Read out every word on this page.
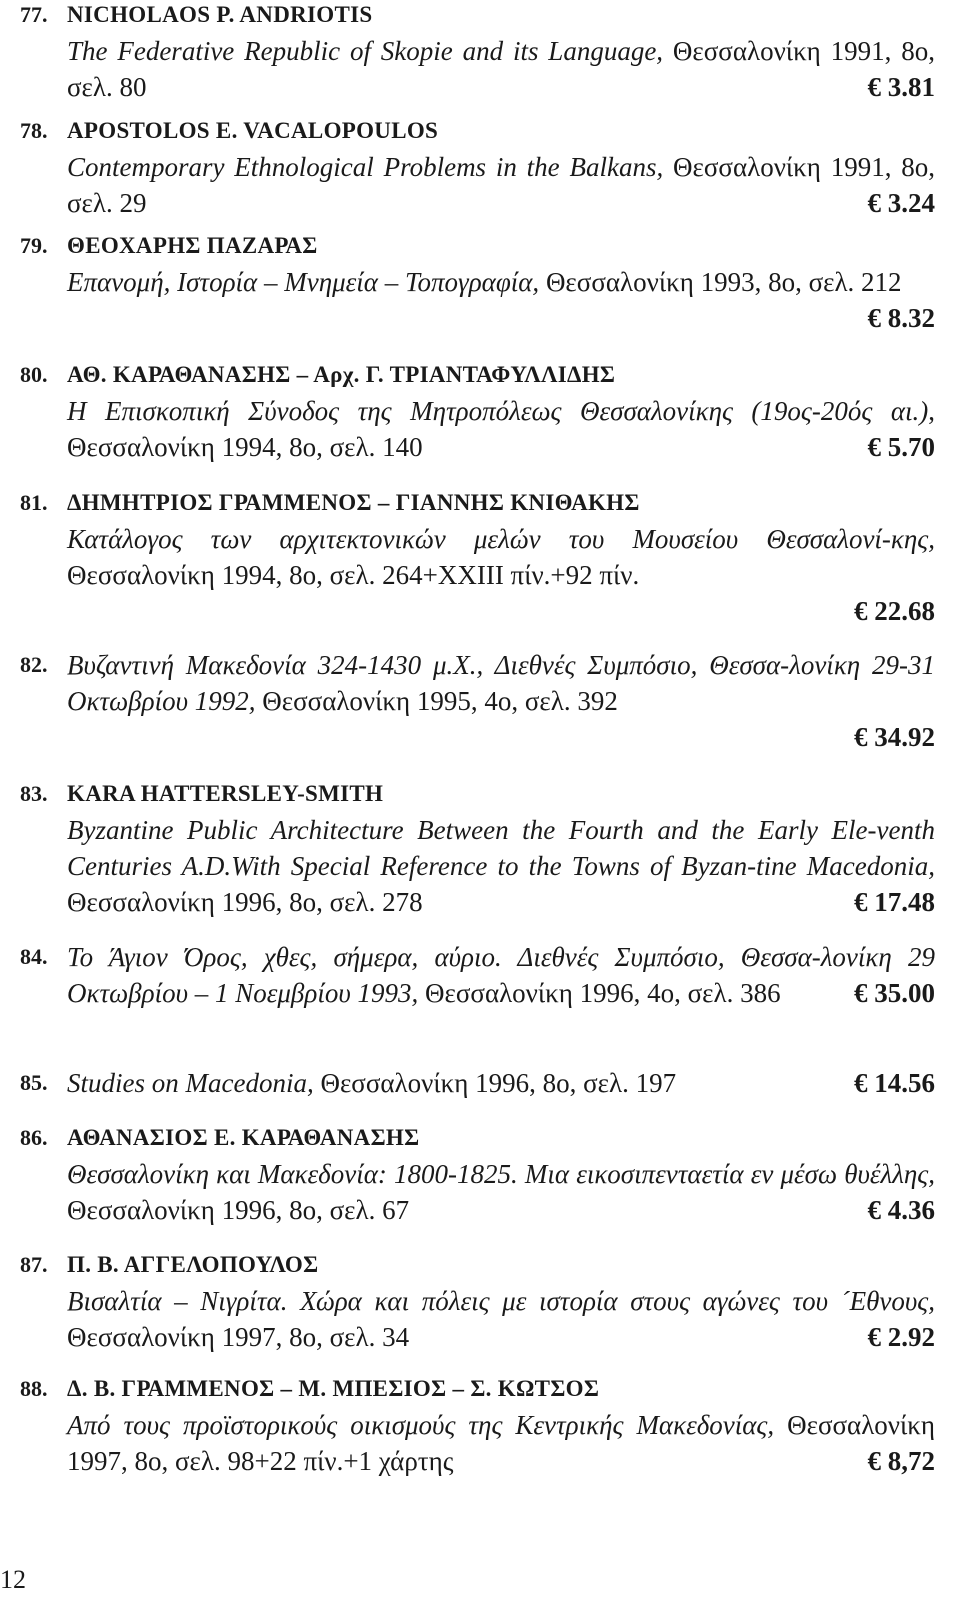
77. NICHOLAOS P. ANDRIOTIS
The Federative Republic of Skopie and its Language, Θεσσαλονίκη 1991, 8ο, σελ. 80	€ 3.81
78. APOSTOLOS E. VACALOPOULOS
Contemporary Ethnological Problems in the Balkans, Θεσσαλονίκη 1991, 8ο, σελ. 29	€ 3.24
79. ΘΕΟΧΑΡΗΣ ΠΑΖΑΡΑΣ
Επανομή, Ιστορία – Μνημεία – Τοπογραφία, Θεσσαλονίκη 1993, 8ο, σελ. 212
€ 8.32
80. ΑΘ. ΚΑΡΑΘΑΝΑΣΗΣ – Αρχ. Γ. ΤΡΙΑΝΤΑΦΥΛΛΙΔΗΣ
Η Επισκοπική Σύνοδος της Μητροπόλεως Θεσσαλονίκης (19ος-20ός αι.), Θεσσαλονίκη 1994, 8ο, σελ. 140	€ 5.70
81. ΔΗΜΗΤΡΙΟΣ ΓΡΑΜΜΕΝΟΣ – ΓΙΑΝΝΗΣ ΚΝΙΘΑΚΗΣ
Κατάλογος των αρχιτεκτονικών μελών του Μουσείου Θεσσαλονί-κης, Θεσσαλονίκη 1994, 8ο, σελ. 264+XXIII πίν.+92 πίν.
€ 22.68
82. Βυζαντινή Μακεδονία 324-1430 μ.Χ., Διεθνές Συμπόσιο, Θεσσα-λονίκη 29-31 Οκτωβρίου 1992, Θεσσαλονίκη 1995, 4ο, σελ. 392
€ 34.92
83. KARA HATTERSLEY-SMITH
Byzantine Public Architecture Between the Fourth and the Early Ele-venth Centuries A.D.With Special Reference to the Towns of Byzan-tine Macedonia, Θεσσαλονίκη 1996, 8ο, σελ. 278	€ 17.48
84. Το Άγιον Όρος, χθες, σήμερα, αύριο. Διεθνές Συμπόσιο, Θεσσα-λονίκη 29 Οκτωβρίου – 1 Νοεμβρίου 1993, Θεσσαλονίκη 1996, 4ο, σελ. 386	€ 35.00
85. Studies on Macedonia, Θεσσαλονίκη 1996, 8ο, σελ. 197	€ 14.56
86. ΑΘΑΝΑΣΙΟΣ Ε. ΚΑΡΑΘΑΝΑΣΗΣ
Θεσσαλονίκη και Μακεδονία: 1800-1825. Μια εικοσιπενταετία εν μέσω θυέλλης, Θεσσαλονίκη 1996, 8ο, σελ. 67	€ 4.36
87. Π. Β. ΑΓΓΕΛΟΠΟΥΛΟΣ
Βισαλτία – Νιγρίτα. Χώρα και πόλεις με ιστορία στους αγώνες του ´Εθνους, Θεσσαλονίκη 1997, 8ο, σελ. 34	€ 2.92
88. Δ. Β. ΓΡΑΜΜΕΝΟΣ – Μ. ΜΠΕΣΙΟΣ – Σ. ΚΩΤΣΟΣ
Από τους προϊστορικούς οικισμούς της Κεντρικής Μακεδονίας, Θεσσαλονίκη 1997, 8ο, σελ. 98+22 πίν.+1 χάρτης	€ 8,72
12
